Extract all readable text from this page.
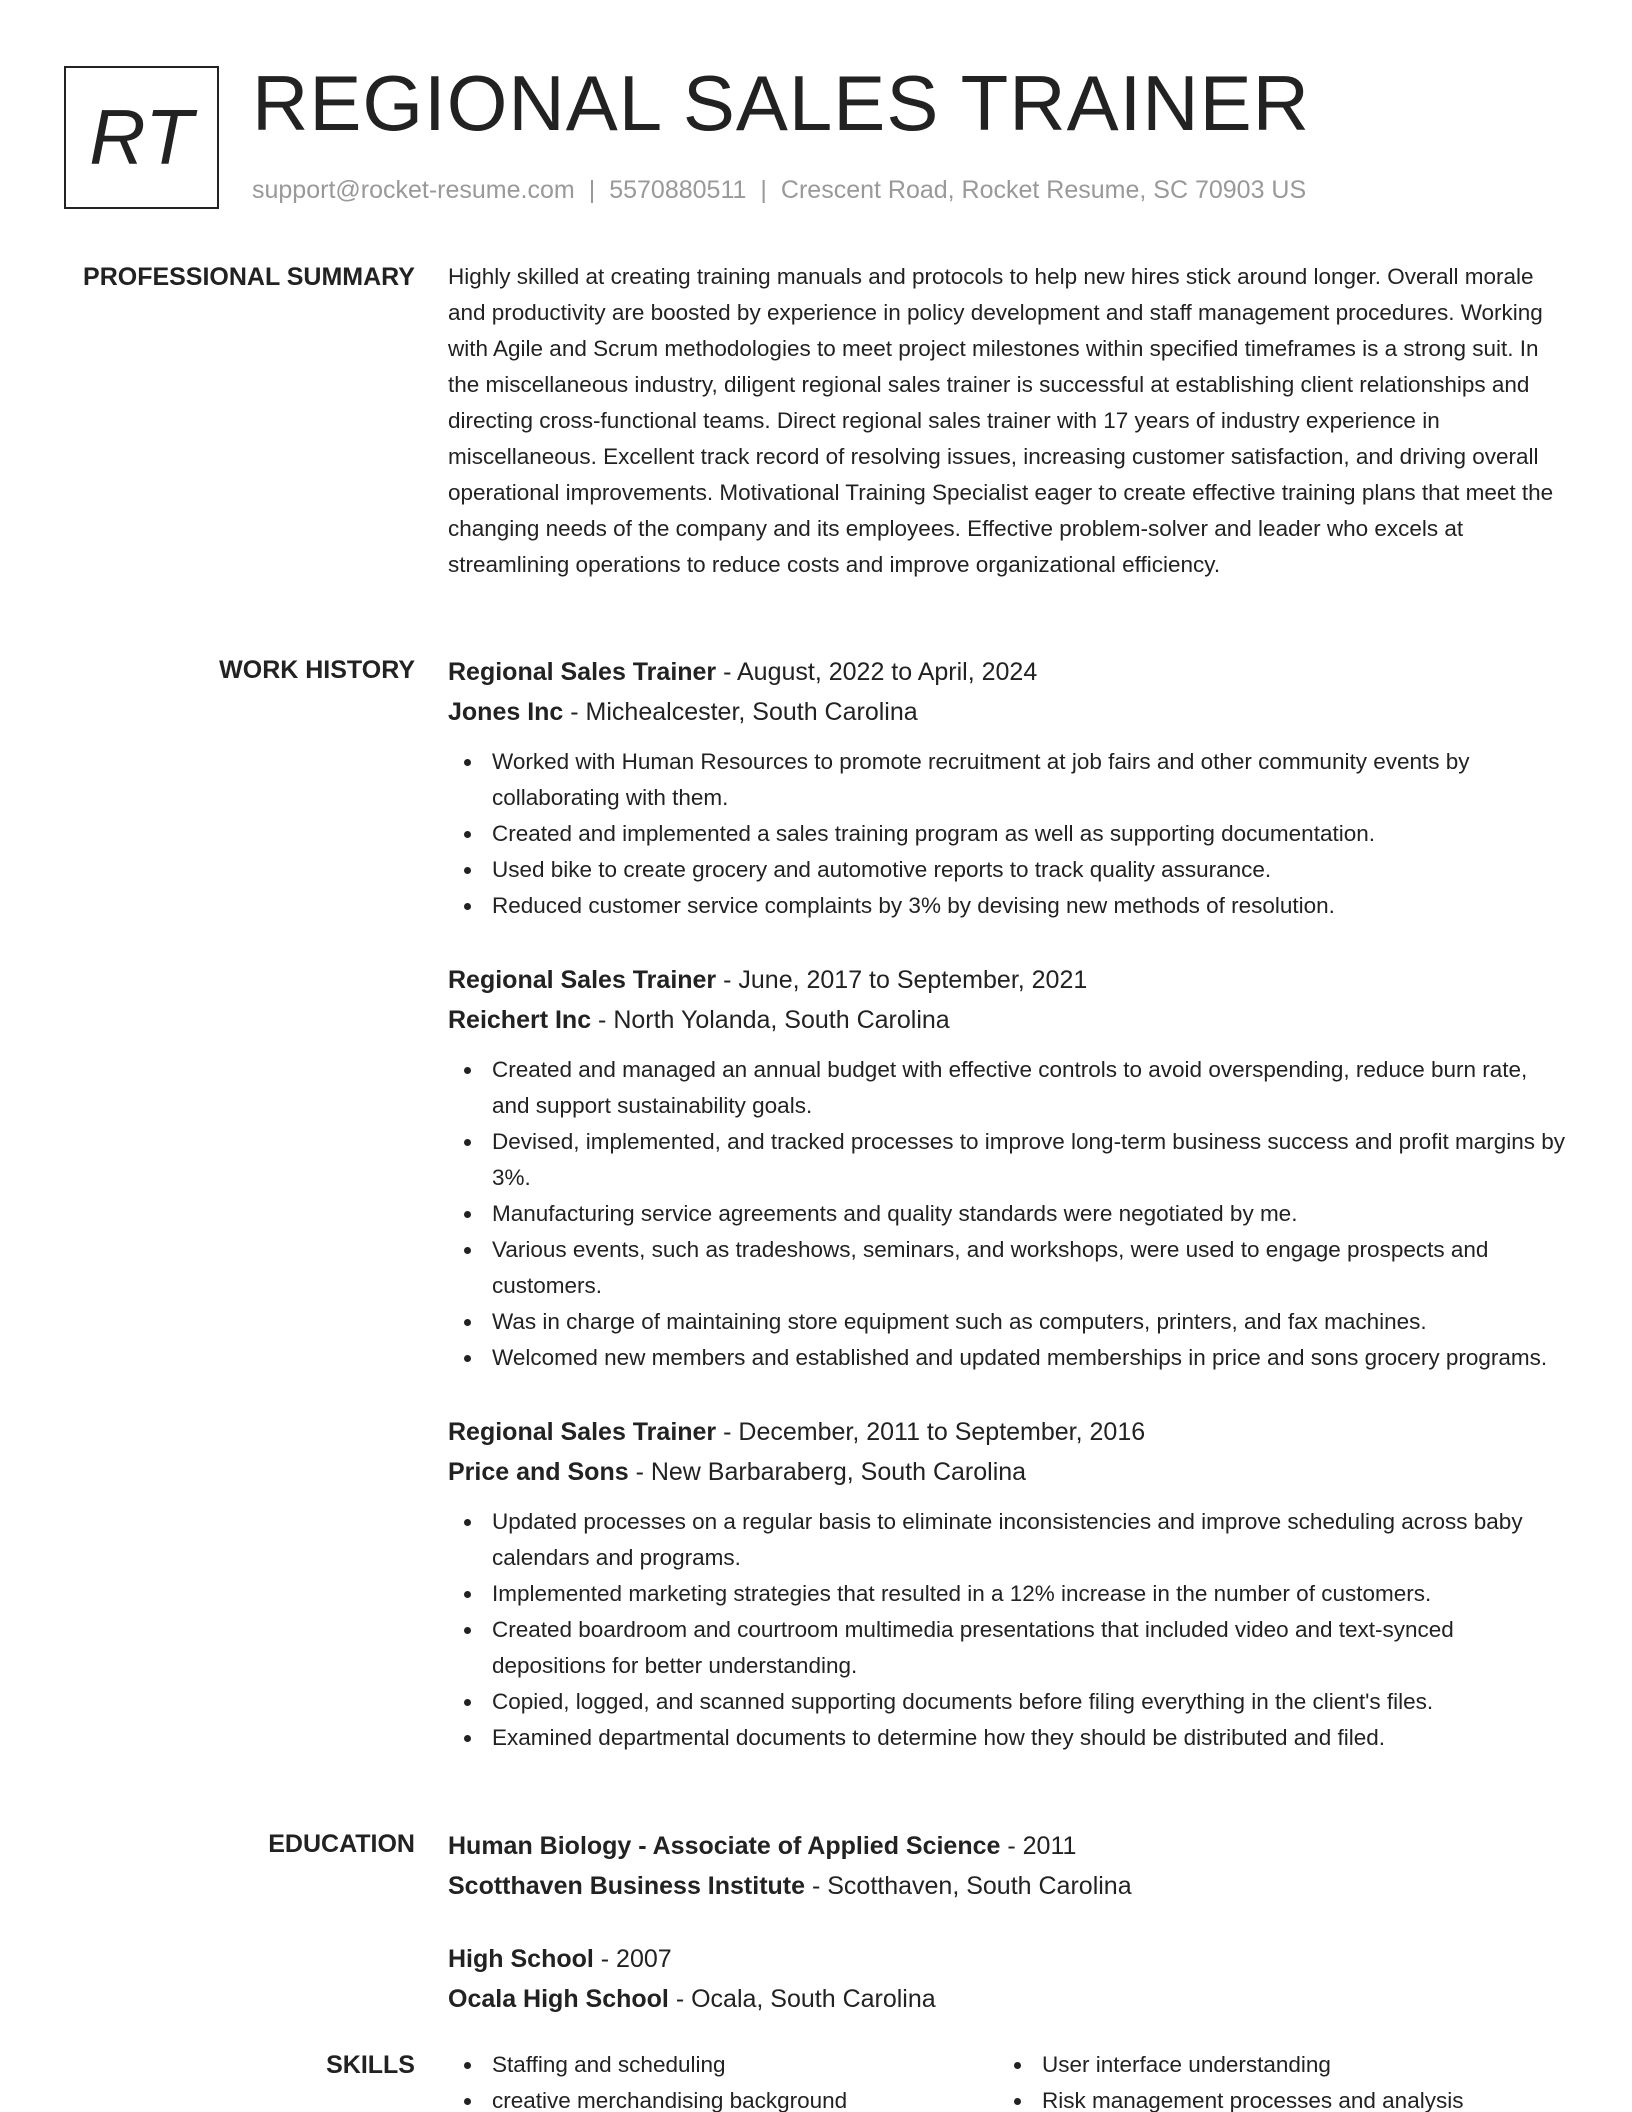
RT REGIONAL SALES TRAINER
support@rocket-resume.com | 5570880511 | Crescent Road, Rocket Resume, SC 70903 US
PROFESSIONAL SUMMARY Highly skilled at creating training manuals and protocols to help new hires stick around longer. Overall morale and productivity are boosted by experience in policy development and staff management procedures. Working with Agile and Scrum methodologies to meet project milestones within specified timeframes is a strong suit. In the miscellaneous industry, diligent regional sales trainer is successful at establishing client relationships and directing cross-functional teams. Direct regional sales trainer with 17 years of industry experience in miscellaneous. Excellent track record of resolving issues, increasing customer satisfaction, and driving overall operational improvements. Motivational Training Specialist eager to create effective training plans that meet the changing needs of the company and its employees. Effective problem-solver and leader who excels at streamlining operations to reduce costs and improve organizational efficiency.

WORK HISTORY Regional Sales Trainer - August, 2022 to April, 2024
Jones Inc - Michealcester, South Carolina
Worked with Human Resources to promote recruitment at job fairs and other community events by collaborating with them.
Created and implemented a sales training program as well as supporting documentation.
Used bike to create grocery and automotive reports to track quality assurance.
Reduced customer service complaints by 3% by devising new methods of resolution.
Regional Sales Trainer - June, 2017 to September, 2021
Reichert Inc - North Yolanda, South Carolina
Created and managed an annual budget with effective controls to avoid overspending, reduce burn rate, and support sustainability goals.
Devised, implemented, and tracked processes to improve long-term business success and profit margins by 3%.
Manufacturing service agreements and quality standards were negotiated by me.
Various events, such as tradeshows, seminars, and workshops, were used to engage prospects and customers.
Was in charge of maintaining store equipment such as computers, printers, and fax machines.
Welcomed new members and established and updated memberships in price and sons grocery programs.
Regional Sales Trainer - December, 2011 to September, 2016
Price and Sons - New Barbaraberg, South Carolina
Updated processes on a regular basis to eliminate inconsistencies and improve scheduling across baby calendars and programs.
Implemented marketing strategies that resulted in a 12% increase in the number of customers.
Created boardroom and courtroom multimedia presentations that included video and text-synced depositions for better understanding.
Copied, logged, and scanned supporting documents before filing everything in the client's files.
Examined departmental documents to determine how they should be distributed and filed.
EDUCATION Human Biology - Associate of Applied Science - 2011
Scotthaven Business Institute - Scotthaven, South Carolina
High School - 2007
Ocala High School - Ocala, South Carolina
SKILLS	Staffing and scheduling
creative merchandising background
User interface understanding
Risk management processes and analysis
